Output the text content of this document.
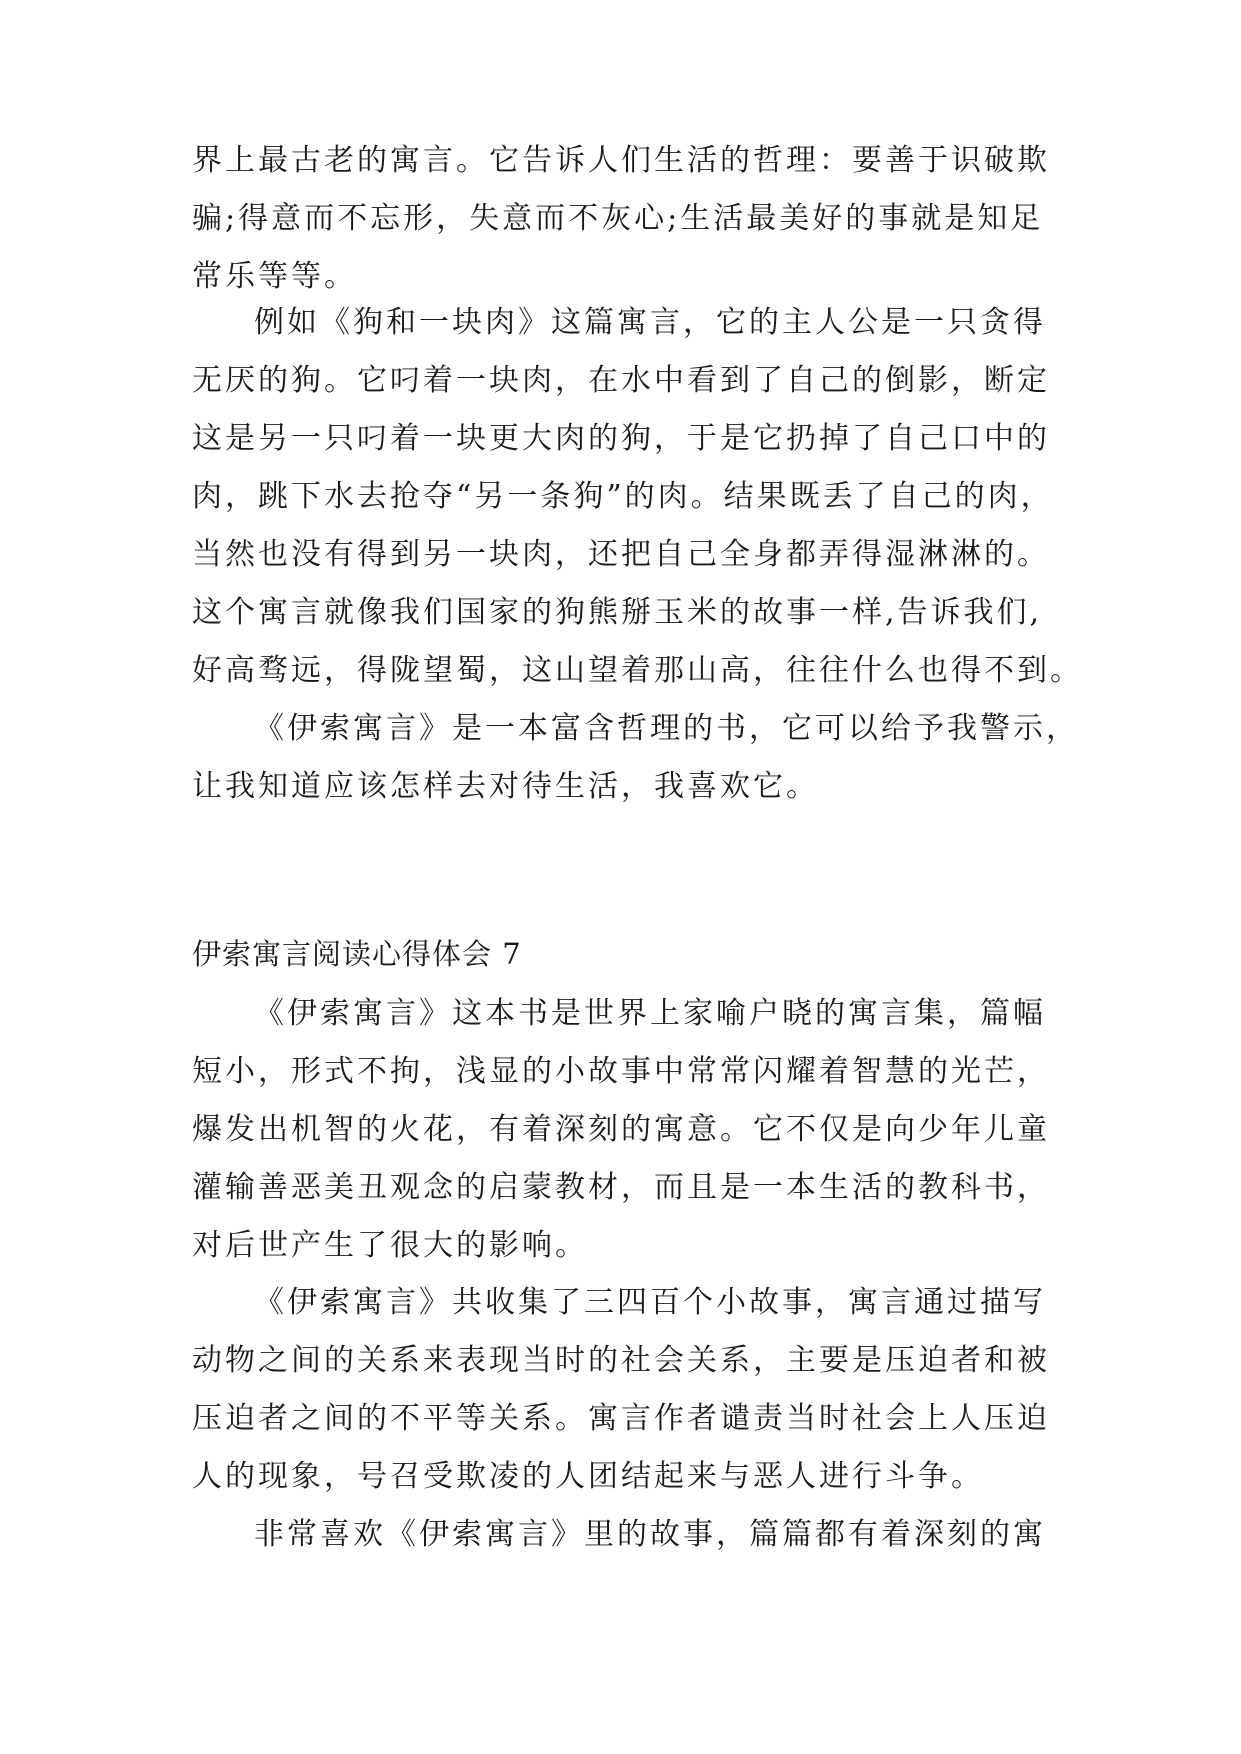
界上最古老的寓言。它告诉人们生活的哲理：要善于识破欺
骗;得意而不忘形，失意而不灰心;生活最美好的事就是知足
常乐等等。
例如《狗和一块肉》这篇寓言，它的主人公是一只贪得
无厌的狗。它叼着一块肉，在水中看到了自己的倒影，断定
这是另一只叼着一块更大肉的狗，于是它扔掉了自己口中的
肉，跳下水去抢夺“另一条狗”的肉。结果既丢了自己的肉，
当然也没有得到另一块肉，还把自己全身都弄得湿淋淋的。
这个寓言就像我们国家的狗熊掰玉米的故事一样,告诉我们,
好高骛远，得陇望蜀，这山望着那山高，往往什么也得不到。
《伊索寓言》是一本富含哲理的书，它可以给予我警示，
让我知道应该怎样去对待生活，我喜欢它。
伊索寓言阅读心得体会 7
《伊索寓言》这本书是世界上家喻户晓的寓言集，篇幅
短小，形式不拘，浅显的小故事中常常闪耀着智慧的光芒，
爆发出机智的火花，有着深刻的寓意。它不仅是向少年儿童
灌输善恶美丑观念的启蒙教材，而且是一本生活的教科书，
对后世产生了很大的影响。
《伊索寓言》共收集了三四百个小故事，寓言通过描写
动物之间的关系来表现当时的社会关系，主要是压迫者和被
压迫者之间的不平等关系。寓言作者谴责当时社会上人压迫
人的现象，号召受欺凌的人团结起来与恶人进行斗争。
非常喜欢《伊索寓言》里的故事，篇篇都有着深刻的寓
